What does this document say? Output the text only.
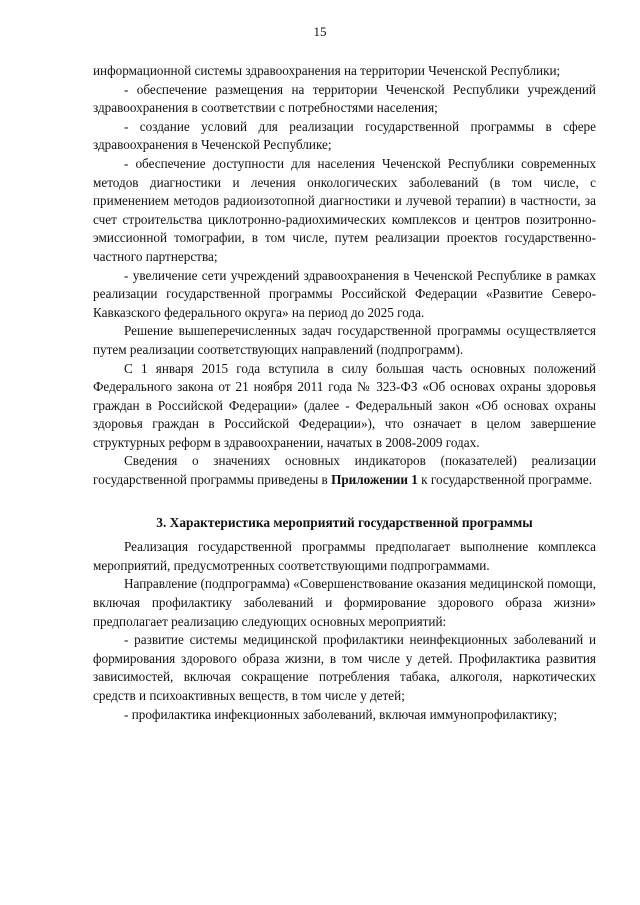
15

информационной системы здравоохранения на территории Чеченской Республики;

- обеспечение размещения на территории Чеченской Республики учреждений здравоохранения в соответствии с потребностями населения;

- создание условий для реализации государственной программы в сфере здравоохранения в Чеченской Республике;

- обеспечение доступности для населения Чеченской Республики современных методов диагностики и лечения онкологических заболеваний (в том числе, с применением методов радиоизотопной диагностики и лучевой терапии) в частности, за счет строительства циклотронно-радиохимических комплексов и центров позитронно-эмиссионной томографии, в том числе, путем реализации проектов государственно-частного партнерства;

- увеличение сети учреждений здравоохранения в Чеченской Республике в рамках реализации государственной программы Российской Федерации «Развитие Северо-Кавказского федерального округа» на период до 2025 года.

Решение вышеперечисленных задач государственной программы осуществляется путем реализации соответствующих направлений (подпрограмм).

С 1 января 2015 года вступила в силу большая часть основных положений Федерального закона от 21 ноября 2011 года № 323-ФЗ «Об основах охраны здоровья граждан в Российской Федерации» (далее - Федеральный закон «Об основах охраны здоровья граждан в Российской Федерации»), что означает в целом завершение структурных реформ в здравоохранении, начатых в 2008-2009 годах.

Сведения о значениях основных индикаторов (показателей) реализации государственной программы приведены в Приложении 1 к государственной программе.

3. Характеристика мероприятий государственной программы

Реализация государственной программы предполагает выполнение комплекса мероприятий, предусмотренных соответствующими подпрограммами.

Направление (подпрограмма) «Совершенствование оказания медицинской помощи, включая профилактику заболеваний и формирование здорового образа жизни» предполагает реализацию следующих основных мероприятий:

- развитие системы медицинской профилактики неинфекционных заболеваний и формирования здорового образа жизни, в том числе у детей. Профилактика развития зависимостей, включая сокращение потребления табака, алкоголя, наркотических средств и психоактивных веществ, в том числе у детей;

- профилактика инфекционных заболеваний, включая иммунопрофилактику;
